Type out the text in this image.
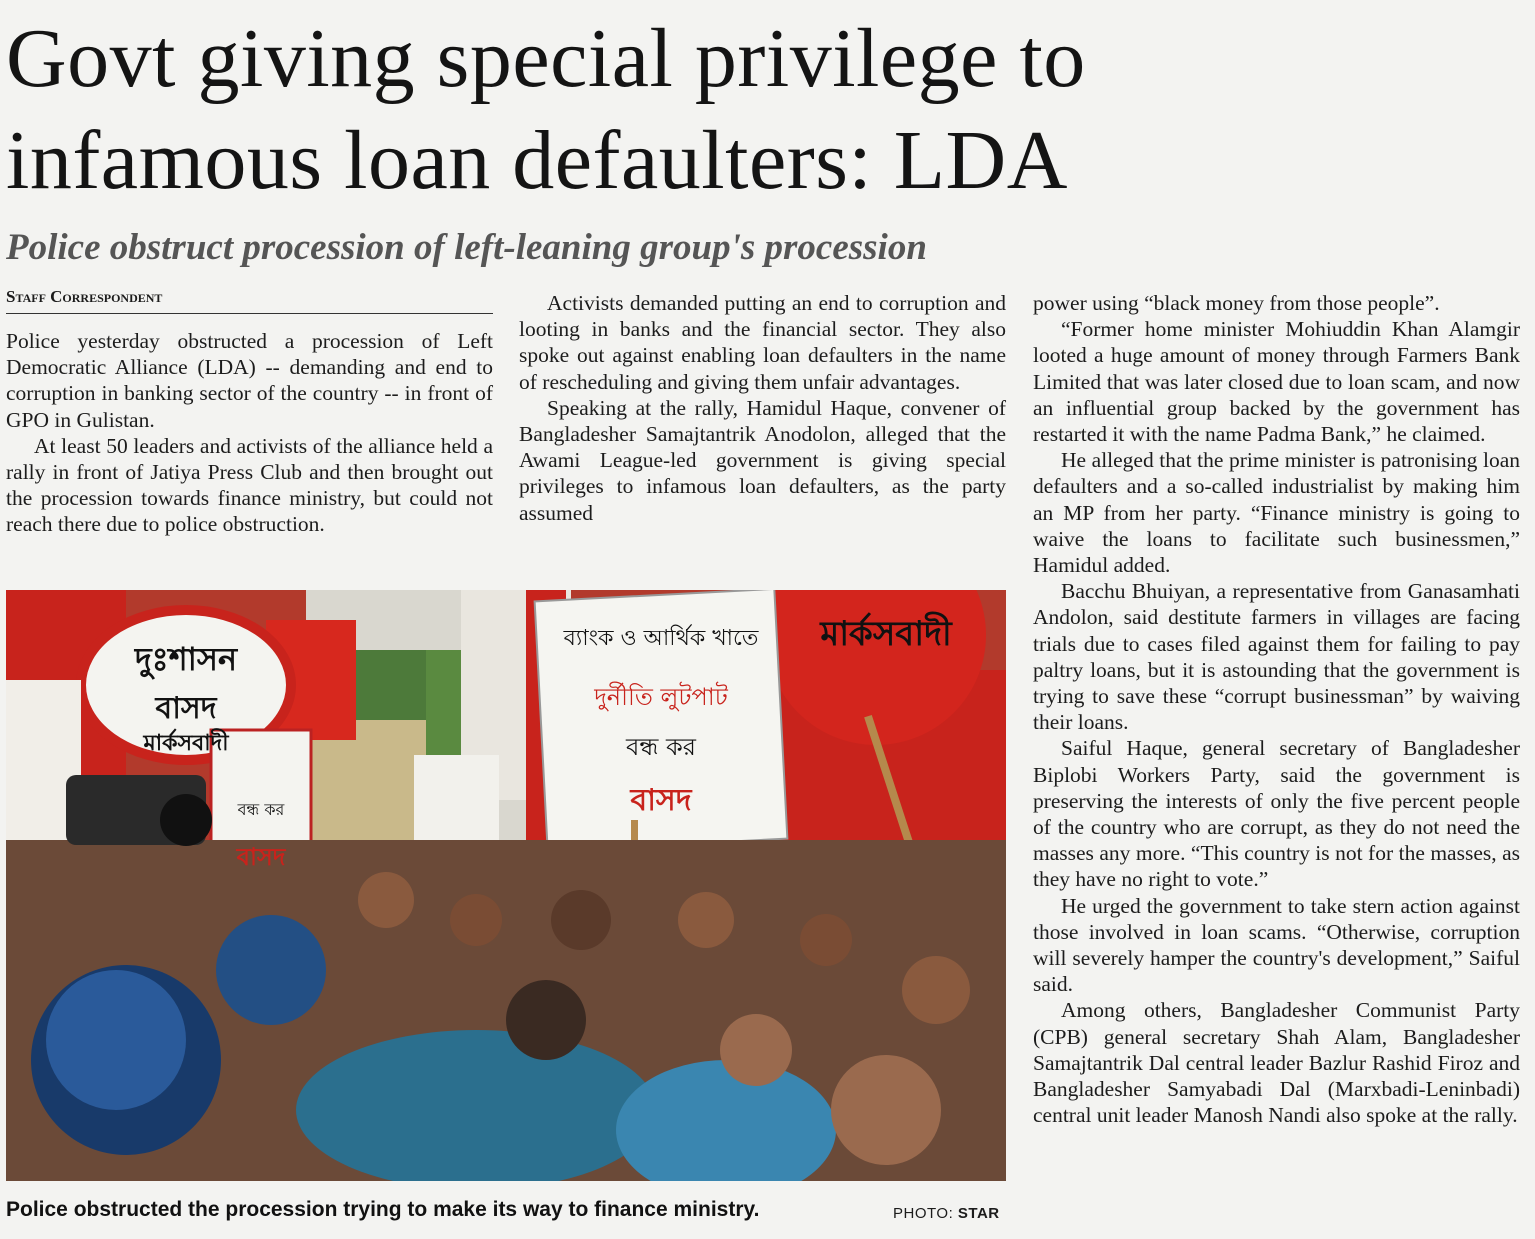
Govt giving special privilege to
infamous loan defaulters: LDA
Police obstruct procession of left-leaning group's procession
Staff Correspondent

Police yesterday obstructed a procession of Left Democratic Alliance (LDA) -- demanding and end to corruption in banking sector of the country -- in front of GPO in Gulistan.

At least 50 leaders and activists of the alliance held a rally in front of Jatiya Press Club and then brought out the procession towards finance ministry, but could not reach there due to police obstruction.

Activists demanded putting an end to corruption and looting in banks and the financial sector. They also spoke out against enabling loan defaulters in the name of rescheduling and giving them unfair advantages.

Speaking at the rally, Hamidul Haque, convener of Bangladesher Samajtantrik Anodolon, alleged that the Awami League-led government is giving special privileges to infamous loan defaulters, as the party assumed

power using “black money from those people”.

“Former home minister Mohiuddin Khan Alamgir looted a huge amount of money through Farmers Bank Limited that was later closed due to loan scam, and now an influential group backed by the government has restarted it with the name Padma Bank,” he claimed.

He alleged that the prime minister is patronising loan defaulters and a so-called industrialist by making him an MP from her party. “Finance ministry is going to waive the loans to facilitate such businessmen,” Hamidul added.

Bacchu Bhuiyan, a representative from Ganasamhati Andolon, said destitute farmers in villages are facing trials due to cases filed against them for failing to pay paltry loans, but it is astounding that the government is trying to save these “corrupt businessman” by waiving their loans.

Saiful Haque, general secretary of Bangladesher Biplobi Workers Party, said the government is preserving the interests of only the five percent people of the country who are corrupt, as they do not need the masses any more. “This country is not for the masses, as they have no right to vote.”

He urged the government to take stern action against those involved in loan scams. “Otherwise, corruption will severely hamper the country's development,” Saiful said.

Among others, Bangladesher Communist Party (CPB) general secretary Shah Alam, Bangladesher Samajtantrik Dal central leader Bazlur Rashid Firoz and Bangladesher Samyabadi Dal (Marxbadi-Leninbadi) central unit leader Manosh Nandi also spoke at the rally.

দুঃশাসন
বাসদ
মার্কসবাদী
ব্যাংক ও আর্থিক খাতে
দুর্নীতি লুটপাট
বন্ধ কর
বাসদ
মার্কসবাদী
বন্ধ কর
বাসদ
Police obstructed the procession trying to make its way to finance ministry.	PHOTO: STAR
